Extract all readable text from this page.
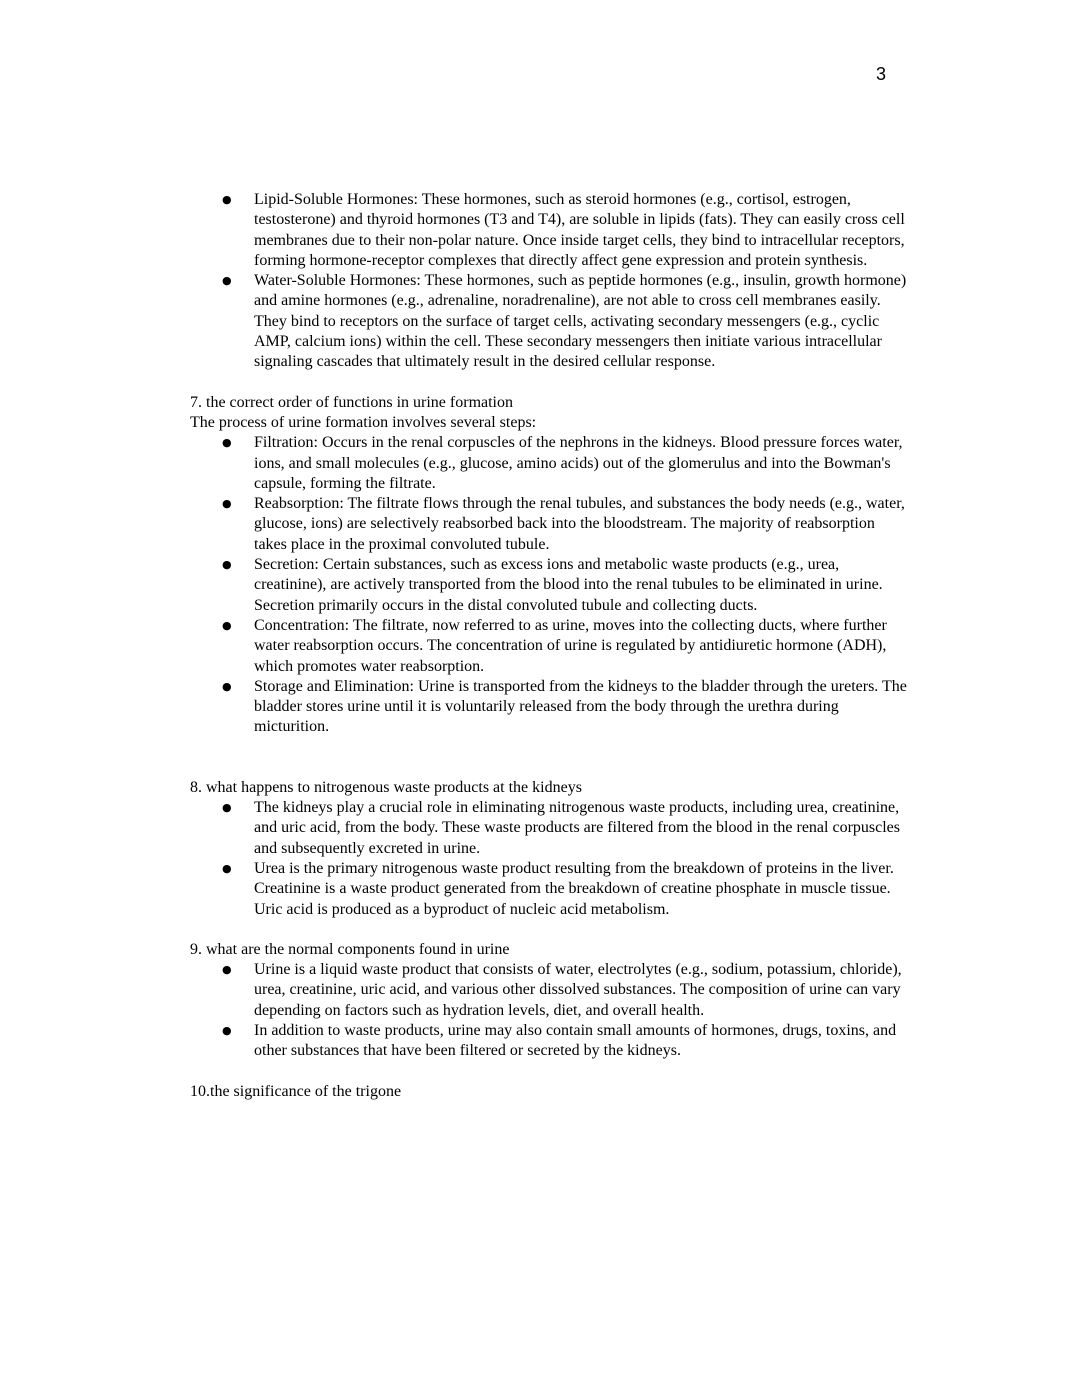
3
● Lipid-Soluble Hormones: These hormones, such as steroid hormones (e.g., cortisol, estrogen, testosterone) and thyroid hormones (T3 and T4), are soluble in lipids (fats). They can easily cross cell membranes due to their non-polar nature. Once inside target cells, they bind to intracellular receptors, forming hormone-receptor complexes that directly affect gene expression and protein synthesis.
● Water-Soluble Hormones: These hormones, such as peptide hormones (e.g., insulin, growth hormone) and amine hormones (e.g., adrenaline, noradrenaline), are not able to cross cell membranes easily. They bind to receptors on the surface of target cells, activating secondary messengers (e.g., cyclic AMP, calcium ions) within the cell. These secondary messengers then initiate various intracellular signaling cascades that ultimately result in the desired cellular response.
7. the correct order of functions in urine formation
The process of urine formation involves several steps:
● Filtration: Occurs in the renal corpuscles of the nephrons in the kidneys. Blood pressure forces water, ions, and small molecules (e.g., glucose, amino acids) out of the glomerulus and into the Bowman's capsule, forming the filtrate.
● Reabsorption: The filtrate flows through the renal tubules, and substances the body needs (e.g., water, glucose, ions) are selectively reabsorbed back into the bloodstream. The majority of reabsorption takes place in the proximal convoluted tubule.
● Secretion: Certain substances, such as excess ions and metabolic waste products (e.g., urea, creatinine), are actively transported from the blood into the renal tubules to be eliminated in urine. Secretion primarily occurs in the distal convoluted tubule and collecting ducts.
● Concentration: The filtrate, now referred to as urine, moves into the collecting ducts, where further water reabsorption occurs. The concentration of urine is regulated by antidiuretic hormone (ADH), which promotes water reabsorption.
● Storage and Elimination: Urine is transported from the kidneys to the bladder through the ureters. The bladder stores urine until it is voluntarily released from the body through the urethra during micturition.
8. what happens to nitrogenous waste products at the kidneys
● The kidneys play a crucial role in eliminating nitrogenous waste products, including urea, creatinine, and uric acid, from the body. These waste products are filtered from the blood in the renal corpuscles and subsequently excreted in urine.
● Urea is the primary nitrogenous waste product resulting from the breakdown of proteins in the liver. Creatinine is a waste product generated from the breakdown of creatine phosphate in muscle tissue. Uric acid is produced as a byproduct of nucleic acid metabolism.
9. what are the normal components found in urine
● Urine is a liquid waste product that consists of water, electrolytes (e.g., sodium, potassium, chloride), urea, creatinine, uric acid, and various other dissolved substances. The composition of urine can vary depending on factors such as hydration levels, diet, and overall health.
● In addition to waste products, urine may also contain small amounts of hormones, drugs, toxins, and other substances that have been filtered or secreted by the kidneys.
10.the significance of the trigone
